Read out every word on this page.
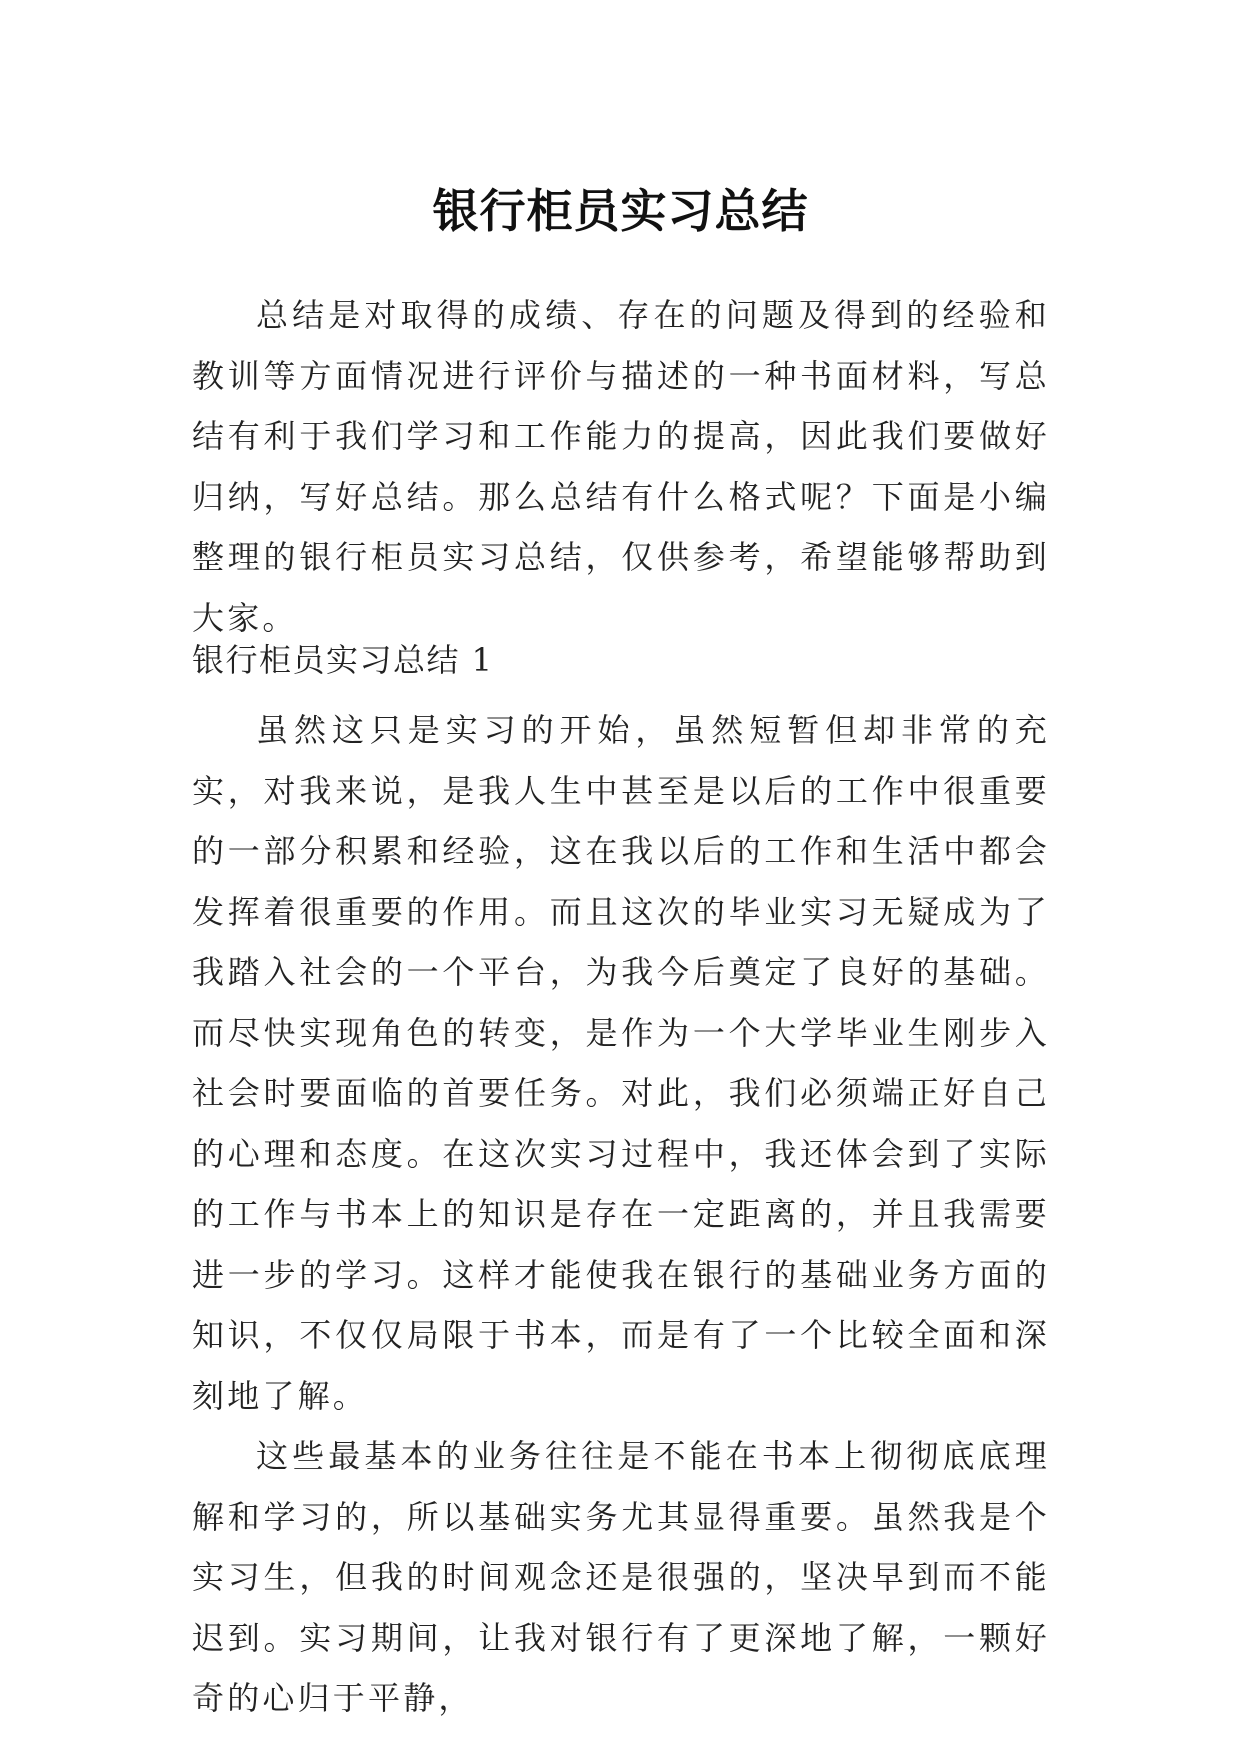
银行柜员实习总结

总结是对取得的成绩、存在的问题及得到的经验和教训等方面情况进行评价与描述的一种书面材料，写总结有利于我们学习和工作能力的提高，因此我们要做好归纳，写好总结。那么总结有什么格式呢？下面是小编整理的银行柜员实习总结，仅供参考，希望能够帮助到大家。

银行柜员实习总结 1

虽然这只是实习的开始，虽然短暂但却非常的充实，对我来说，是我人生中甚至是以后的工作中很重要的一部分积累和经验，这在我以后的工作和生活中都会发挥着很重要的作用。而且这次的毕业实习无疑成为了我踏入社会的一个平台，为我今后奠定了良好的基础。而尽快实现角色的转变，是作为一个大学毕业生刚步入社会时要面临的首要任务。对此，我们必须端正好自己的心理和态度。在这次实习过程中，我还体会到了实际的工作与书本上的知识是存在一定距离的，并且我需要进一步的学习。这样才能使我在银行的基础业务方面的知识，不仅仅局限于书本，而是有了一个比较全面和深刻地了解。

这些最基本的业务往往是不能在书本上彻彻底底理解和学习的，所以基础实务尤其显得重要。虽然我是个实习生，但我的时间观念还是很强的，坚决早到而不能迟到。实习期间，让我对银行有了更深地了解，一颗好奇的心归于平静，
